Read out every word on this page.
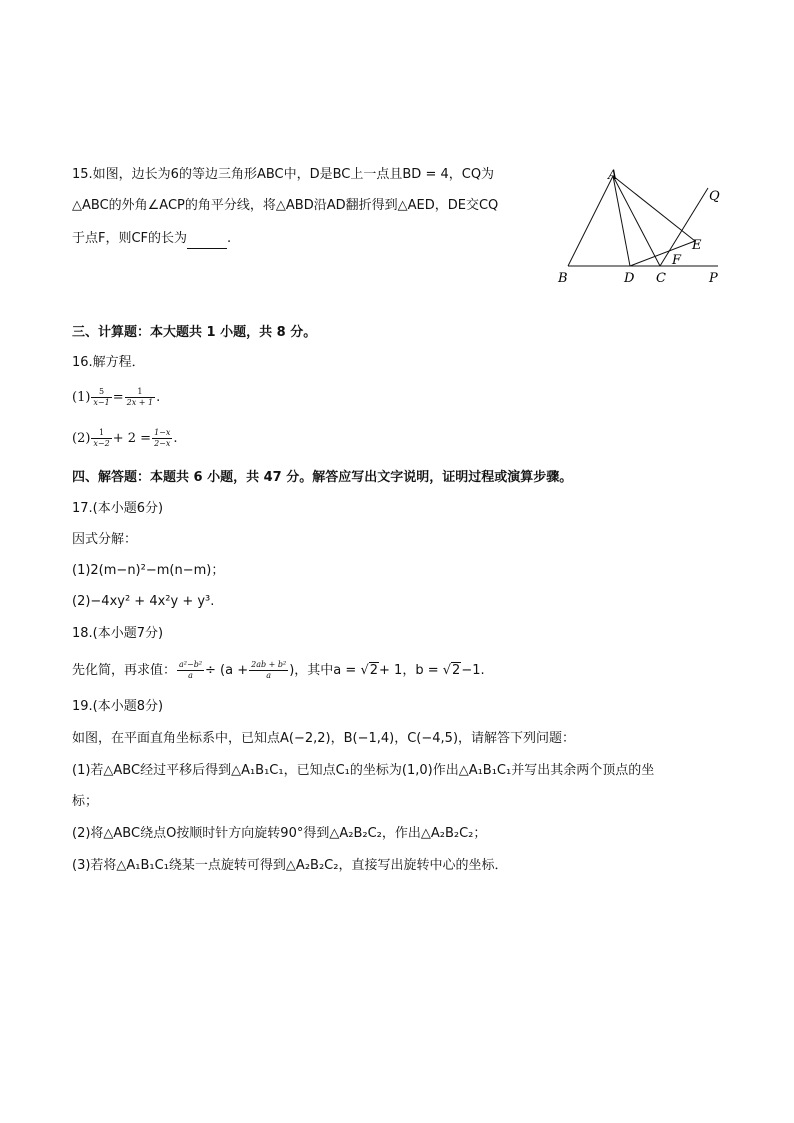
15.如图，边长为6的等边三角形ABC中，D是BC上一点且BD = 4，CQ为
△ABC的外角∠ACP的角平分线，将△ABD沿AD翻折得到△AED，DE交CQ
于点F，则CF的长为	.
A
B	D C	P
Q
E
F
三、计算题：本大题共 1 小题，共 8 分。
16.解方程．
$(1) \frac{5}{x-1} = \frac{1}{2x + 1}$ .
$(2) \frac{1}{x-2} + 2 = \frac{1-x}{2-x}$ .
四、解答题：本题共 6 小题，共 47 分。解答应写出文字说明，证明过程或演算步骤。
17.(本小题6分)
因式分解：
(1)2(m−n)²−m(n−m)；
(2)−4xy² + 4x²y + y³.
18.(本小题7分)
先化简，再求值： $\frac{\text{a²−b²}}{a} \div (a + \frac{\text{2ab + b²}}{a}$ )，其中a = √2+ 1，b = √2−1.
19.(本小题8分)
如图，在平面直角坐标系中，已知点A(−2,2)，B(−1,4)，C(−4,5)，请解答下列问题：
(1)若△ABC经过平移后得到△A₁B₁C₁，已知点C₁的坐标为(1,0)作出△A₁B₁C₁并写出其余两个顶点的坐
标；
(2)将△ABC绕点O按顺时针方向旋转90°得到△A₂B₂C₂，作出△A₂B₂C₂；
(3)若将△A₁B₁C₁绕某一点旋转可得到△A₂B₂C₂，直接写出旋转中心的坐标．
